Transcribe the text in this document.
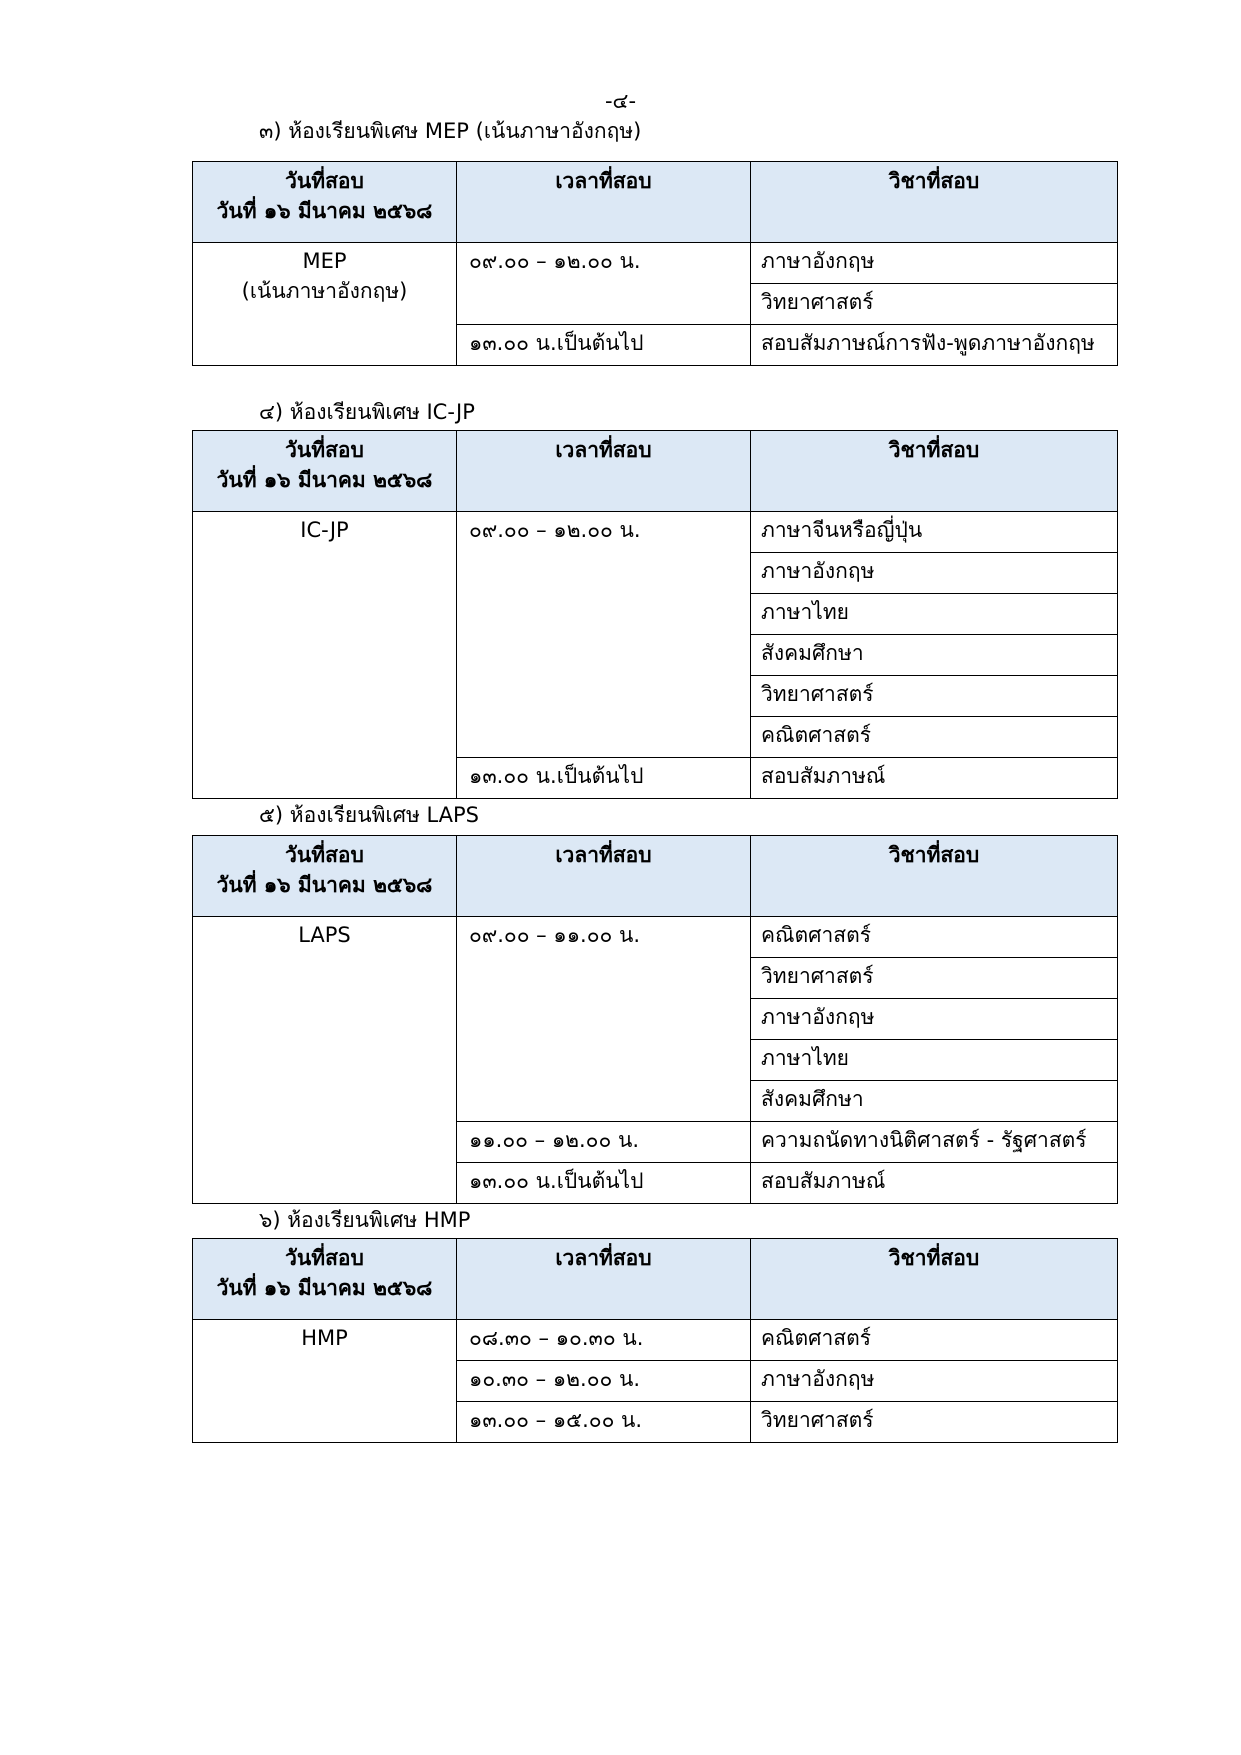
-๔-
๓) ห้องเรียนพิเศษ MEP (เน้นภาษาอังกฤษ)
วันที่สอบ
วันที่ ๑๖ มีนาคม ๒๕๖๘	เวลาที่สอบ	วิชาที่สอบ

MEP
(เน้นภาษาอังกฤษ)	๐๙.๐๐ – ๑๒.๐๐ น.	ภาษาอังกฤษ
		วิทยาศาสตร์
	๑๓.๐๐ น.เป็นต้นไป	สอบสัมภาษณ์การฟัง-พูดภาษาอังกฤษ
๔) ห้องเรียนพิเศษ IC-JP
วันที่สอบ
วันที่ ๑๖ มีนาคม ๒๕๖๘	เวลาที่สอบ	วิชาที่สอบ

IC-JP	๐๙.๐๐ – ๑๒.๐๐ น.	ภาษาจีนหรือญี่ปุ่น
		ภาษาอังกฤษ
		ภาษาไทย
		สังคมศึกษา
		วิทยาศาสตร์
		คณิตศาสตร์
	๑๓.๐๐ น.เป็นต้นไป	สอบสัมภาษณ์
๕) ห้องเรียนพิเศษ LAPS
วันที่สอบ
วันที่ ๑๖ มีนาคม ๒๕๖๘	เวลาที่สอบ	วิชาที่สอบ

LAPS	๐๙.๐๐ – ๑๑.๐๐ น.	คณิตศาสตร์
		วิทยาศาสตร์
		ภาษาอังกฤษ
		ภาษาไทย
		สังคมศึกษา
	๑๑.๐๐ – ๑๒.๐๐ น.	ความถนัดทางนิติศาสตร์ - รัฐศาสตร์
	๑๓.๐๐ น.เป็นต้นไป	สอบสัมภาษณ์
๖) ห้องเรียนพิเศษ HMP
วันที่สอบ
วันที่ ๑๖ มีนาคม ๒๕๖๘	เวลาที่สอบ	วิชาที่สอบ

HMP	๐๘.๓๐ – ๑๐.๓๐ น.	คณิตศาสตร์
	๑๐.๓๐ – ๑๒.๐๐ น.	ภาษาอังกฤษ
	๑๓.๐๐ – ๑๕.๐๐ น.	วิทยาศาสตร์
